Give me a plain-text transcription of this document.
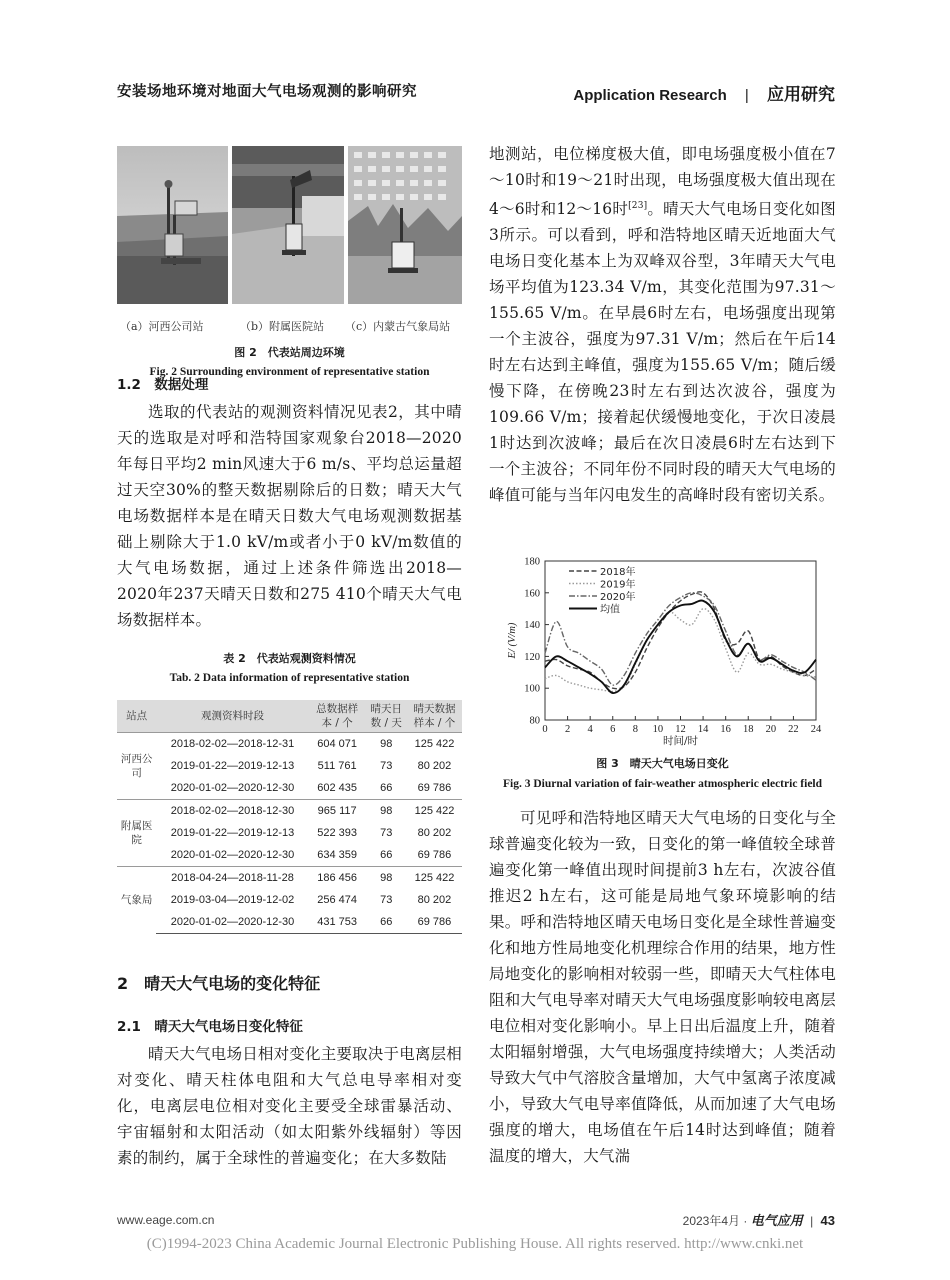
安装场地环境对地面大气电场观测的影响研究	Application Research | 应用研究
（a）河西公司站	（b）附属医院站 （c）内蒙古气象局站
图 2　代表站周边环境
Fig. 2 Surrounding environment of representative station
1.2　数据处理
选取的代表站的观测资料情况见表2，其中晴天的选取是对呼和浩特国家观象台2018—2020年每日平均2 min风速大于6 m/s、平均总运量超过天空30%的整天数据剔除后的日数；晴天大气电场数据样本是在晴天日数大气电场观测数据基础上剔除大于1.0 kV/m或者小于0 kV/m数值的大气电场数据，通过上述条件筛选出2018—2020年237天晴天日数和275 410个晴天大气电场数据样本。
表 2　代表站观测资料情况
Tab. 2 Data information of representative station
站点	观测资料时段	总数据样本 / 个	晴天日数 / 天	晴天数据样本 / 个
河西公司	2018-02-02—2018-12-31	604 071	98	125 422
	2019-01-22—2019-12-13	511 761	73	80 202
	2020-01-02—2020-12-30	602 435	66	69 786
附属医院	2018-02-02—2018-12-30	965 117	98	125 422
	2019-01-22—2019-12-13	522 393	73	80 202
	2020-01-02—2020-12-30	634 359	66	69 786
气象局	2018-04-24—2018-11-28	186 456	98	125 422
	2019-03-04—2019-12-02	256 474	73	80 202
	2020-01-02—2020-12-30	431 753	66	69 786
2　晴天大气电场的变化特征
2.1　晴天大气电场日变化特征
晴天大气电场日相对变化主要取决于电离层相对变化、晴天柱体电阻和大气总电导率相对变化，电离层电位相对变化主要受全球雷暴活动、宇宙辐射和太阳活动（如太阳紫外线辐射）等因素的制约，属于全球性的普遍变化；在大多数陆
地测站，电位梯度极大值，即电场强度极小值在7～10时和19～21时出现，电场强度极大值出现在4～6时和12～16时[23]。晴天大气电场日变化如图3所示。可以看到，呼和浩特地区晴天近地面大气电场日变化基本上为双峰双谷型，3年晴天大气电场平均值为123.34 V/m，其变化范围为97.31～155.65 V/m。在早晨6时左右，电场强度出现第一个主波谷，强度为97.31 V/m；然后在午后14时左右达到主峰值，强度为155.65 V/m；随后缓慢下降，在傍晚23时左右到达次波谷，强度为109.66 V/m；接着起伏缓慢地变化，于次日凌晨1时达到次波峰；最后在次日凌晨6时左右达到下一个主波谷；不同年份不同时段的晴天大气电场的峰值可能与当年闪电发生的高峰时段有密切关系。
80
100
120
140
160
180
0 2 4 6 8 10 12 14 16 18 20 22 24
时间/时
E/ (V/m)
2018年
2019年
2020年
均值
图 3　晴天大气电场日变化
Fig. 3 Diurnal variation of fair-weather atmospheric electric field
可见呼和浩特地区晴天大气电场的日变化与全球普遍变化较为一致，日变化的第一峰值较全球普遍变化第一峰值出现时间提前3 h左右，次波谷值推迟2 h左右，这可能是局地气象环境影响的结果。呼和浩特地区晴天电场日变化是全球性普遍变化和地方性局地变化机理综合作用的结果，地方性局地变化的影响相对较弱一些，即晴天大气柱体电阻和大气电导率对晴天大气电场强度影响较电离层电位相对变化影响小。早上日出后温度上升，随着太阳辐射增强，大气电场强度持续增大；人类活动导致大气中气溶胶含量增加，大气中氢离子浓度减小，导致大气电导率值降低，从而加速了大气电场强度的增大，电场值在午后14时达到峰值；随着温度的增大，大气湍
www.eage.com.cn	2023年4月 · 电气应用 | 43
(C)1994-2023 China Academic Journal Electronic Publishing House. All rights reserved. http://www.cnki.net
